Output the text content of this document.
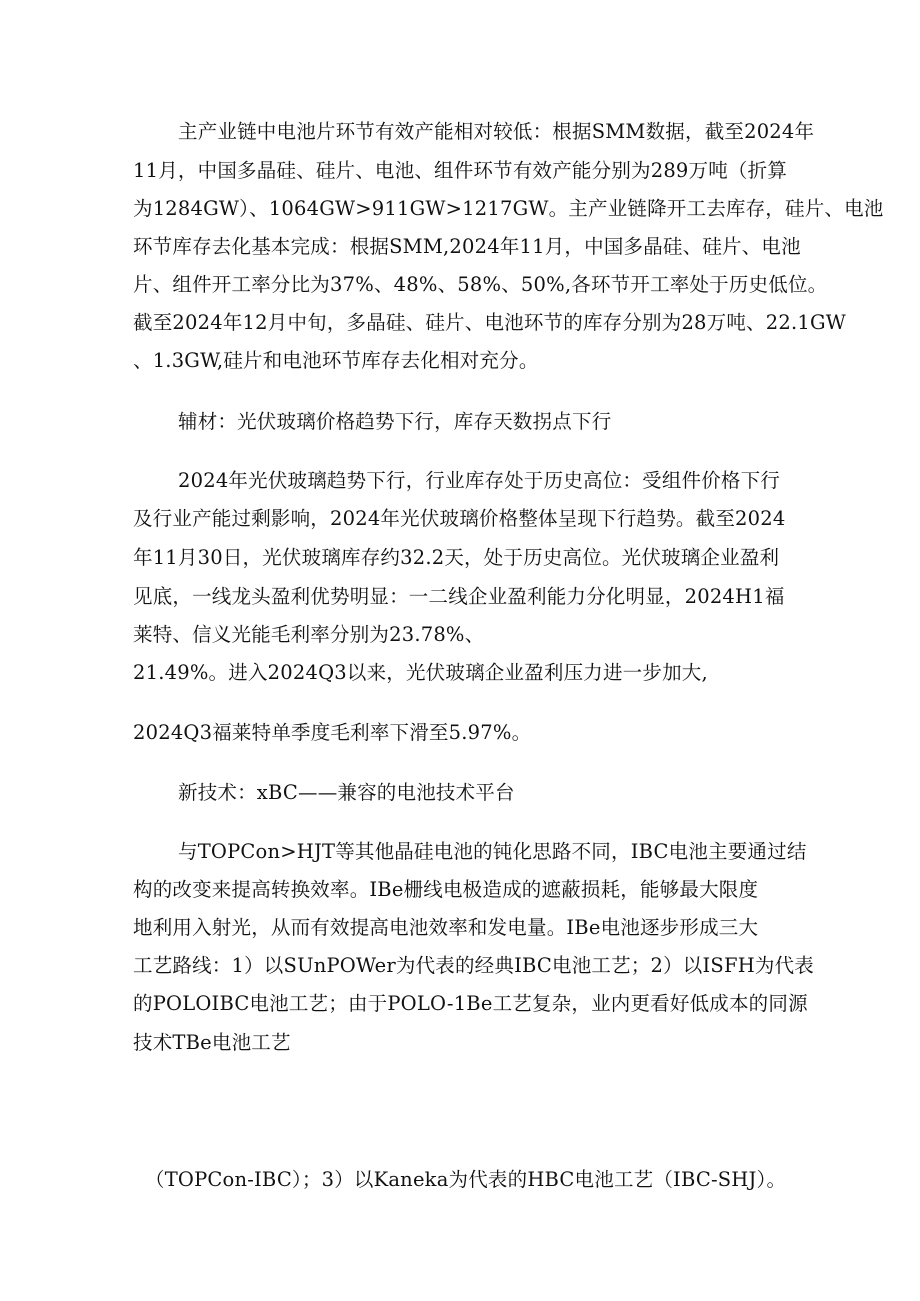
主产业链中电池片环节有效产能相对较低：根据SMM数据，截至2024年
11月，中国多晶硅、硅片、电池、组件环节有效产能分别为289万吨（折算
为1284GW）、1064GW>911GW>1217GW。主产业链降开工去库存，硅片、电池
环节库存去化基本完成：根据SMM,2024年11月，中国多晶硅、硅片、电池
片、组件开工率分比为37%、48%、58%、50%,各环节开工率处于历史低位。
截至2024年12月中旬，多晶硅、硅片、电池环节的库存分别为28万吨、22.1GW
、1.3GW,硅片和电池环节库存去化相对充分。
辅材：光伏玻璃价格趋势下行，库存天数拐点下行
2024年光伏玻璃趋势下行，行业库存处于历史高位：受组件价格下行
及行业产能过剩影响，2024年光伏玻璃价格整体呈现下行趋势。截至2024
年11月30日，光伏玻璃库存约32.2天，处于历史高位。光伏玻璃企业盈利
见底，一线龙头盈利优势明显：一二线企业盈利能力分化明显，2024H1福
莱特、信义光能毛利率分别为23.78%、
21.49%。进入2024Q3以来，光伏玻璃企业盈利压力进一步加大,
2024Q3福莱特单季度毛利率下滑至5.97%。
新技术：xBC——兼容的电池技术平台
与TOPCon>HJT等其他晶硅电池的钝化思路不同，IBC电池主要通过结
构的改变来提高转换效率。IBe栅线电极造成的遮蔽损耗，能够最大限度
地利用入射光，从而有效提高电池效率和发电量。IBe电池逐步形成三大
工艺路线：1）以SUnPOWer为代表的经典IBC电池工艺；2）以ISFH为代表
的POLOIBC电池工艺；由于POLO-1Be工艺复杂，业内更看好低成本的同源
技术TBe电池工艺
（TOPCon-IBC）；3）以Kaneka为代表的HBC电池工艺（IBC-SHJ）。
